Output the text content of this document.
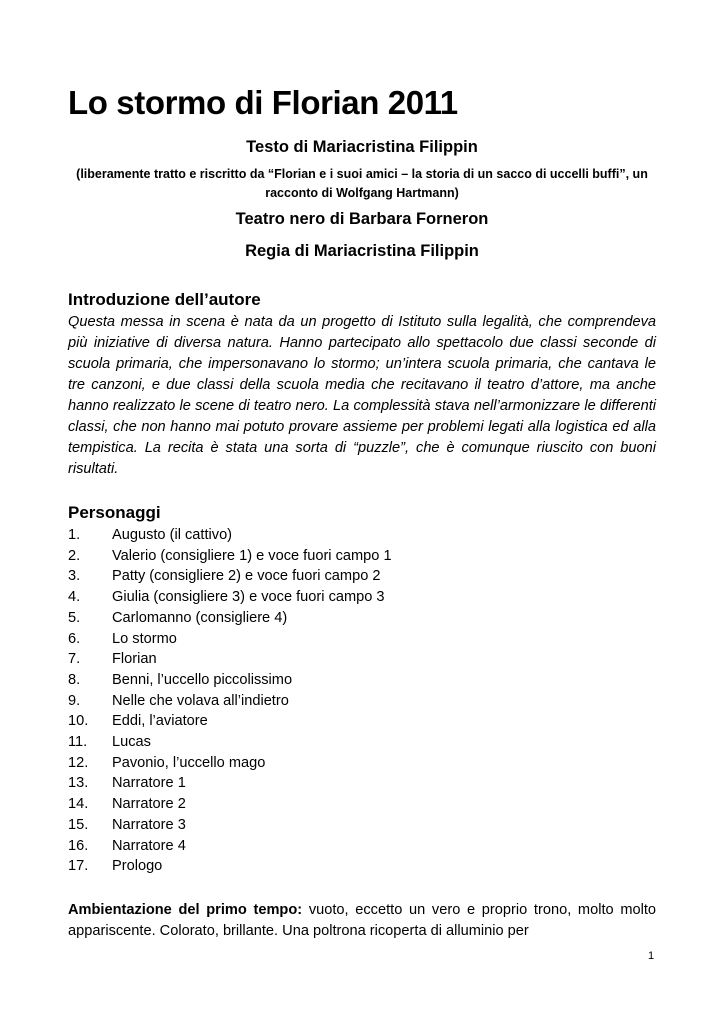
Lo stormo di Florian 2011
Testo di Mariacristina Filippin
(liberamente tratto e riscritto da “Florian e i suoi amici – la storia di un sacco di uccelli buffi”, un racconto di Wolfgang Hartmann)
Teatro nero di Barbara Forneron
Regia di Mariacristina Filippin
Introduzione dell’autore
Questa messa in scena è nata da un progetto di Istituto sulla legalità, che comprendeva più iniziative di diversa natura. Hanno partecipato allo spettacolo due classi seconde di scuola primaria, che impersonavano lo stormo; un’intera scuola primaria, che cantava le tre canzoni, e due classi della scuola media che recitavano il teatro d’attore, ma anche hanno realizzato le scene di teatro nero. La complessità stava nell’armonizzare le differenti classi, che non hanno mai potuto provare assieme per problemi legati alla logistica ed alla tempistica. La recita è stata una sorta di “puzzle”, che è comunque riuscito con buoni risultati.
Personaggi
1.	Augusto (il cattivo)
2.	Valerio (consigliere 1) e voce fuori campo 1
3.	Patty (consigliere 2) e voce fuori campo 2
4.	Giulia (consigliere 3) e voce fuori campo 3
5.	Carlomanno (consigliere 4)
6.	Lo stormo
7.	Florian
8.	Benni, l’uccello piccolissimo
9.	Nelle che volava all’indietro
10.	Eddi, l’aviatore
11.	Lucas
12.	Pavonio, l’uccello mago
13.	Narratore 1
14.	Narratore 2
15.	Narratore 3
16.	Narratore 4
17.	Prologo
Ambientazione del primo tempo: vuoto, eccetto un vero e proprio trono, molto molto appariscente. Colorato, brillante. Una poltrona ricoperta di alluminio per
1
